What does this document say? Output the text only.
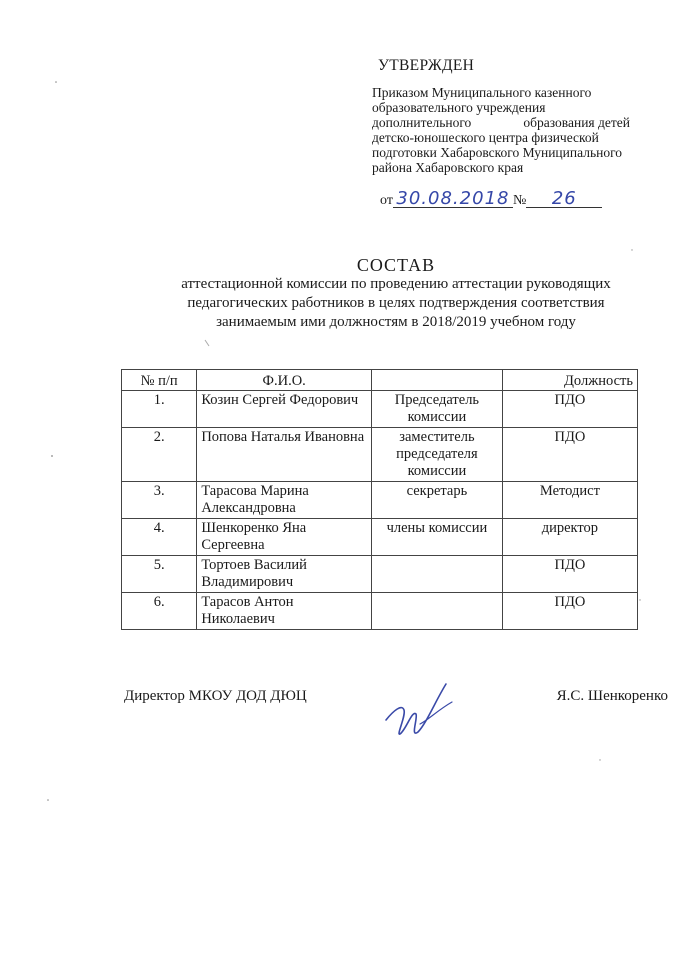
УТВЕРЖДЕН
Приказом Муниципального казенного
образовательного учреждения
дополнительного	образования детей
детско-юношеского центра физической
подготовки Хабаровского Муниципального
района Хабаровского края
от 30.08.2018 № 26
СОСТАВ
аттестационной комиссии по проведению аттестации руководящих
педагогических работников в целях подтверждения соответствия
занимаемым ими должностям в 2018/2019 учебном году
№ п/п	Ф.И.О.		Должность
1.	Козин Сергей Федорович	Председатель комиссии	ПДО
2.	Попова Наталья Ивановна	заместитель председателя комиссии	ПДО
3.	Тарасова Марина Александровна	секретарь	Методист
4.	Шенкоренко Яна Сергеевна	члены комиссии	директор
5.	Тортоев Василий Владимирович		ПДО
6.	Тарасов Антон Николаевич		ПДО
Директор МКОУ ДОД ДЮЦ	Я.С. Шенкоренко
